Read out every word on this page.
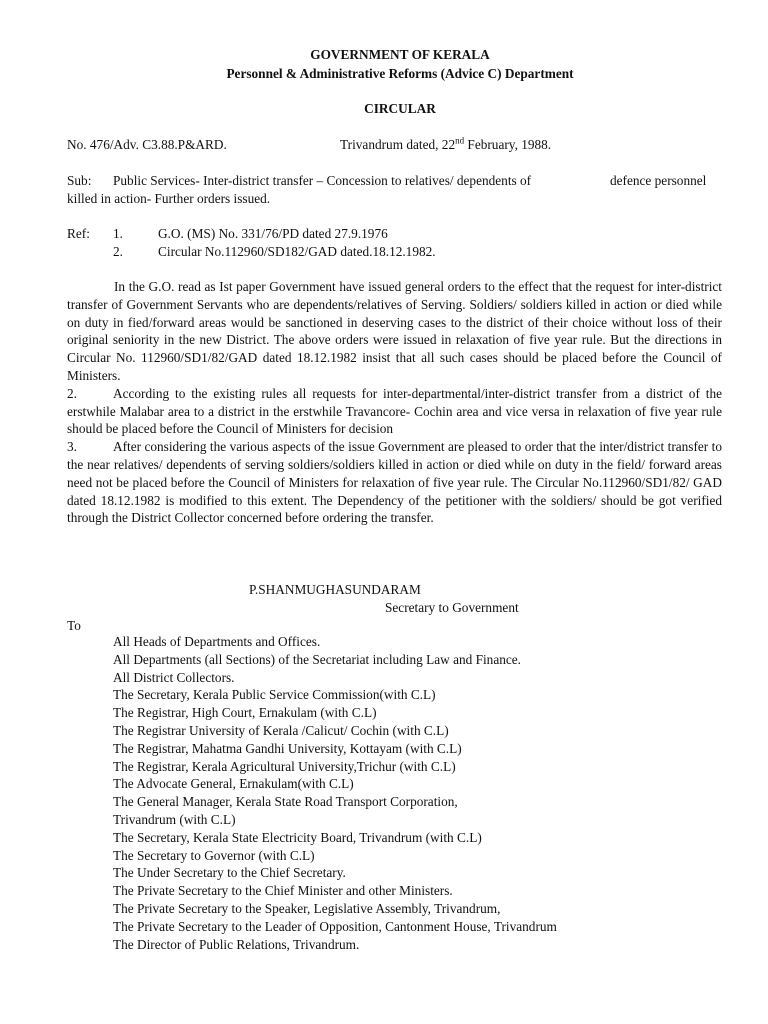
GOVERNMENT OF KERALA
Personnel & Administrative Reforms (Advice C) Department
CIRCULAR
No. 476/Adv. C3.88.P&ARD.	Trivandrum dated, 22nd February, 1988.
Sub: Public Services- Inter-district transfer – Concession to relatives/ dependents of	defence personnel
killed in action- Further orders issued.
Ref: 1.	G.O. (MS) No. 331/76/PD dated 27.9.1976
2.	Circular No.112960/SD182/GAD dated.18.12.1982.

In the G.O. read as Ist paper Government have issued general orders to the effect that the request for inter-district transfer of Government Servants who are dependents/relatives of Serving. Soldiers/ soldiers killed in action or died while on duty in fied/forward areas would be sanctioned in deserving cases to the district of their choice without loss of their original seniority in the new District. The above orders were issued in relaxation of five year rule. But the directions in Circular No. 112960/SD1/82/GAD dated 18.12.1982 insist that all such cases should be placed before the Council of Ministers.

2.	According to the existing rules all requests for inter-departmental/inter-district transfer from a district of the erstwhile Malabar area to a district in the erstwhile Travancore- Cochin area and vice versa in relaxation of five year rule should be placed before the Council of Ministers for decision

3.	After considering the various aspects of the issue Government are pleased to order that the inter/district transfer to the near relatives/ dependents of serving soldiers/soldiers killed in action or died while on duty in the field/ forward areas need not be placed before the Council of Ministers for relaxation of five year rule. The Circular No.112960/SD1/82/ GAD dated 18.12.1982 is modified to this extent. The Dependency of the petitioner with the soldiers/ should be got verified through the District Collector concerned before ordering the transfer.

P.SHANMUGHASUNDARAM
Secretary to Government
To
All Heads of Departments and Offices.
All Departments (all Sections) of the Secretariat including Law and Finance.
All District Collectors.
The Secretary, Kerala Public Service Commission(with C.L)
The Registrar, High Court, Ernakulam (with C.L)
The Registrar University of Kerala /Calicut/ Cochin (with C.L)
The Registrar, Mahatma Gandhi University, Kottayam (with C.L)
The Registrar, Kerala Agricultural University,Trichur (with C.L)
The Advocate General, Ernakulam(with C.L)
The General Manager, Kerala State Road Transport Corporation,
Trivandrum (with C.L)
The Secretary, Kerala State Electricity Board, Trivandrum (with C.L)
The Secretary to Governor (with C.L)
The Under Secretary to the Chief Secretary.
The Private Secretary to the Chief Minister and other Ministers.
The Private Secretary to the Speaker, Legislative Assembly, Trivandrum,
The Private Secretary to the Leader of Opposition, Cantonment House, Trivandrum
The Director of Public Relations, Trivandrum.
